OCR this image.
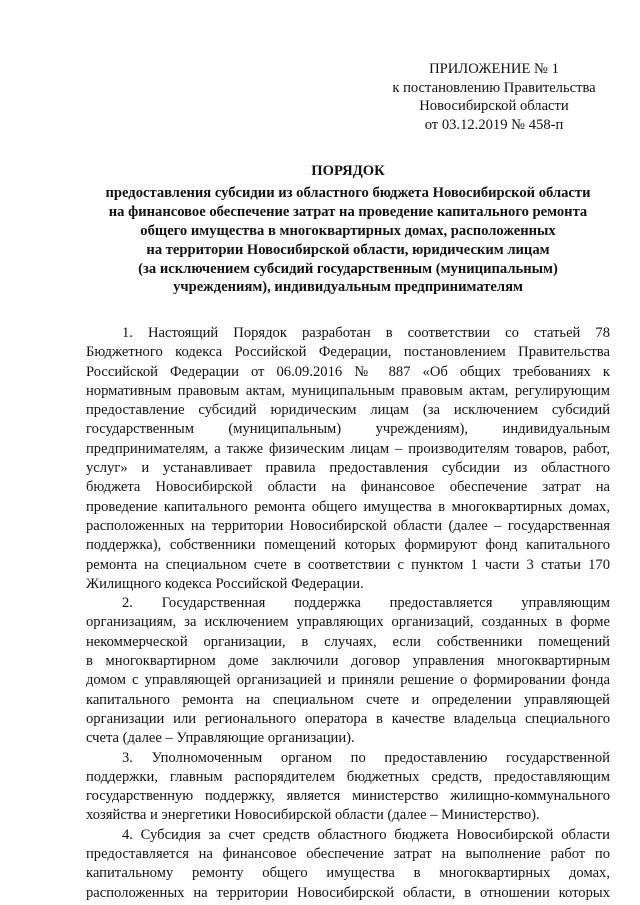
ПРИЛОЖЕНИЕ № 1
к постановлению Правительства
Новосибирской области
от 03.12.2019 № 458-п
ПОРЯДОК
предоставления субсидии из областного бюджета Новосибирской области
на финансовое обеспечение затрат на проведение капитального ремонта
общего имущества в многоквартирных домах, расположенных
на территории Новосибирской области, юридическим лицам
(за исключением субсидий государственным (муниципальным)
учреждениям), индивидуальным предпринимателям
1. Настоящий Порядок разработан в соответствии со статьей 78
Бюджетного кодекса Российской Федерации, постановлением Правительства
Российской Федерации от 06.09.2016 № 887 «Об общих требованиях к
нормативным правовым актам, муниципальным правовым актам, регулирующим
предоставление субсидий юридическим лицам (за исключением субсидий
государственным (муниципальным) учреждениям), индивидуальным
предпринимателям, а также физическим лицам – производителям товаров, работ,
услуг» и устанавливает правила предоставления субсидии из областного
бюджета Новосибирской области на финансовое обеспечение затрат на
проведение капитального ремонта общего имущества в многоквартирных домах,
расположенных на территории Новосибирской области (далее – государственная
поддержка), собственники помещений которых формируют фонд капитального
ремонта на специальном счете в соответствии с пунктом 1 части 3 статьи 170
Жилищного кодекса Российской Федерации.
2. Государственная поддержка предоставляется управляющим
организациям, за исключением управляющих организаций, созданных в форме
некоммерческой организации, в случаях, если собственники помещений
в многоквартирном доме заключили договор управления многоквартирным
домом с управляющей организацией и приняли решение о формировании фонда
капитального ремонта на специальном счете и определении управляющей
организации или регионального оператора в качестве владельца специального
счета (далее – Управляющие организации).
3. Уполномоченным органом по предоставлению государственной
поддержки, главным распорядителем бюджетных средств, предоставляющим
государственную поддержку, является министерство жилищно-коммунального
хозяйства и энергетики Новосибирской области (далее – Министерство).
4. Субсидия за счет средств областного бюджета Новосибирской области
предоставляется на финансовое обеспечение затрат на выполнение работ по
капитальному ремонту общего имущества в многоквартирных домах,
расположенных на территории Новосибирской области, в отношении которых
